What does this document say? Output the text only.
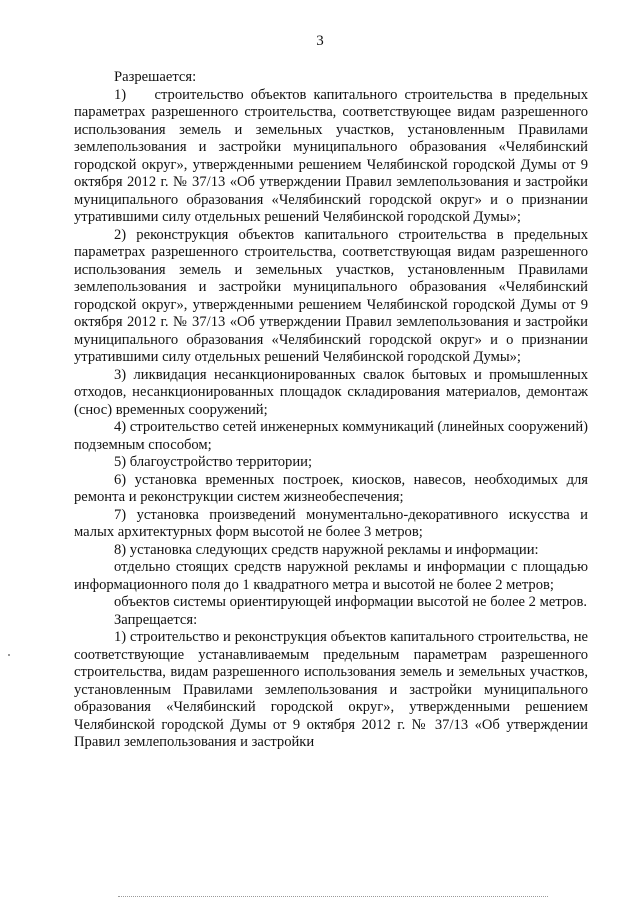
3

Разрешается:

1)    строительство объектов капитального строительства в предельных параметрах разрешенного строительства, соответствующее видам разрешенного использования земель и земельных участков, установленным Правилами землепользования и застройки муниципального образования «Челябинский городской округ», утвержденными решением Челябинской городской Думы от 9 октября 2012 г. № 37/13 «Об утверждении Правил землепользования и застройки муниципального образования «Челябинский городской округ» и о признании утратившими силу отдельных решений Челябинской городской Думы»;

2) реконструкция объектов капитального строительства в предельных параметрах разрешенного строительства, соответствующая видам разрешенного использования земель и земельных участков, установленным Правилами землепользования и застройки муниципального образования «Челябинский городской округ», утвержденными решением Челябинской городской Думы от 9 октября 2012 г. № 37/13 «Об утверждении Правил землепользования и застройки муниципального образования «Челябинский городской округ» и о признании утратившими силу отдельных решений Челябинской городской Думы»;

3) ликвидация несанкционированных свалок бытовых и промышленных отходов, несанкционированных площадок складирования материалов, демонтаж (снос) временных сооружений;

4) строительство сетей инженерных коммуникаций (линейных сооружений) подземным способом;

5) благоустройство территории;

6) установка временных построек, киосков, навесов, необходимых для ремонта и реконструкции систем жизнеобеспечения;

7) установка произведений монументально-декоративного искусства и малых архитектурных форм высотой не более 3 метров;

8) установка следующих средств наружной рекламы и информации:

отдельно стоящих средств наружной рекламы и информации с площадью информационного поля до 1 квадратного метра и высотой не более 2 метров;

объектов системы ориентирующей информации высотой не более 2 метров.

Запрещается:

1) строительство и реконструкция объектов капитального строительства, не соответствующие устанавливаемым предельным параметрам разрешенного строительства, видам разрешенного использования земель и земельных участков, установленным Правилами землепользования и застройки муниципального образования «Челябинский городской округ», утвержденными решением Челябинской городской Думы от 9 октября 2012 г. № 37/13 «Об утверждении Правил землепользования и застройки
